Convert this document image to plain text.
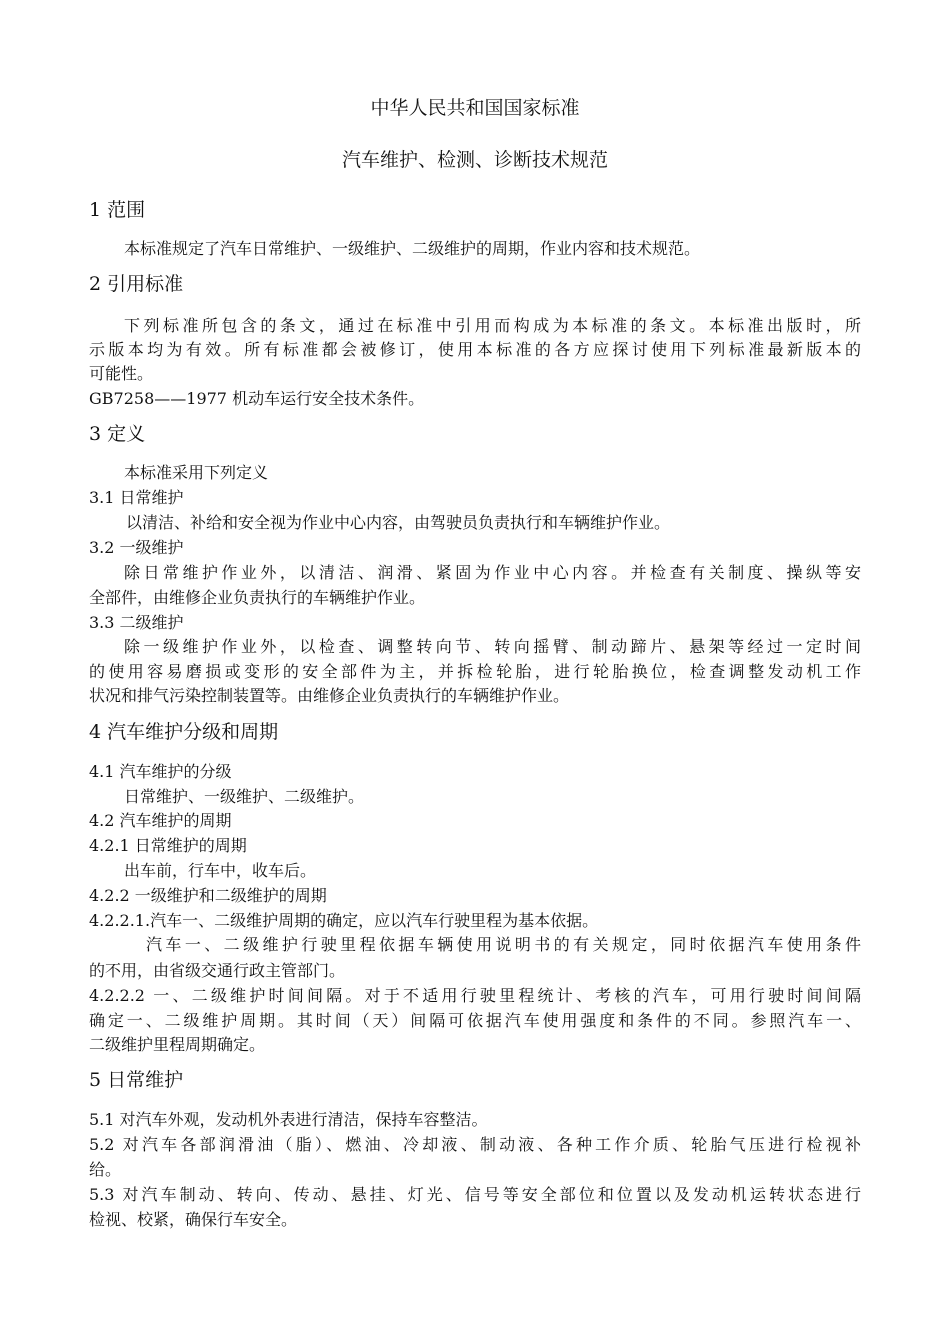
中华人民共和国国家标准

汽车维护、检测、诊断技术规范

1 范围

本标准规定了汽车日常维护、一级维护、二级维护的周期，作业内容和技术规范。

2 引用标准

下列标准所包含的条文，通过在标准中引用而构成为本标准的条文。本标准出版时，所

示版本均为有效。所有标准都会被修订，使用本标准的各方应探讨使用下列标准最新版本的

可能性。

GB7258——1977 机动车运行安全技术条件。

3 定义

本标准采用下列定义

3.1 日常维护

以清洁、补给和安全视为作业中心内容，由驾驶员负责执行和车辆维护作业。

3.2 一级维护

除日常维护作业外，以清洁、润滑、紧固为作业中心内容。并检查有关制度、操纵等安

全部件，由维修企业负责执行的车辆维护作业。

3.3 二级维护

除一级维护作业外，以检查、调整转向节、转向摇臂、制动蹄片、悬架等经过一定时间

的使用容易磨损或变形的安全部件为主，并拆检轮胎，进行轮胎换位，检查调整发动机工作

状况和排气污染控制装置等。由维修企业负责执行的车辆维护作业。

4 汽车维护分级和周期

4.1 汽车维护的分级

日常维护、一级维护、二级维护。

4.2 汽车维护的周期

4.2.1 日常维护的周期

出车前，行车中，收车后。

4.2.2 一级维护和二级维护的周期

4.2.2.1.汽车一、二级维护周期的确定，应以汽车行驶里程为基本依据。

汽车一、二级维护行驶里程依据车辆使用说明书的有关规定，同时依据汽车使用条件

的不用，由省级交通行政主管部门。

4.2.2.2 一、二级维护时间间隔。对于不适用行驶里程统计、考核的汽车，可用行驶时间间隔

确定一、二级维护周期。其时间（天）间隔可依据汽车使用强度和条件的不同。参照汽车一、

二级维护里程周期确定。

5 日常维护

5.1 对汽车外观，发动机外表进行清洁，保持车容整洁。

5.2 对汽车各部润滑油（脂）、燃油、冷却液、制动液、各种工作介质、轮胎气压进行检视补

给。

5.3 对汽车制动、转向、传动、悬挂、灯光、信号等安全部位和位置以及发动机运转状态进行

检视、校紧，确保行车安全。
